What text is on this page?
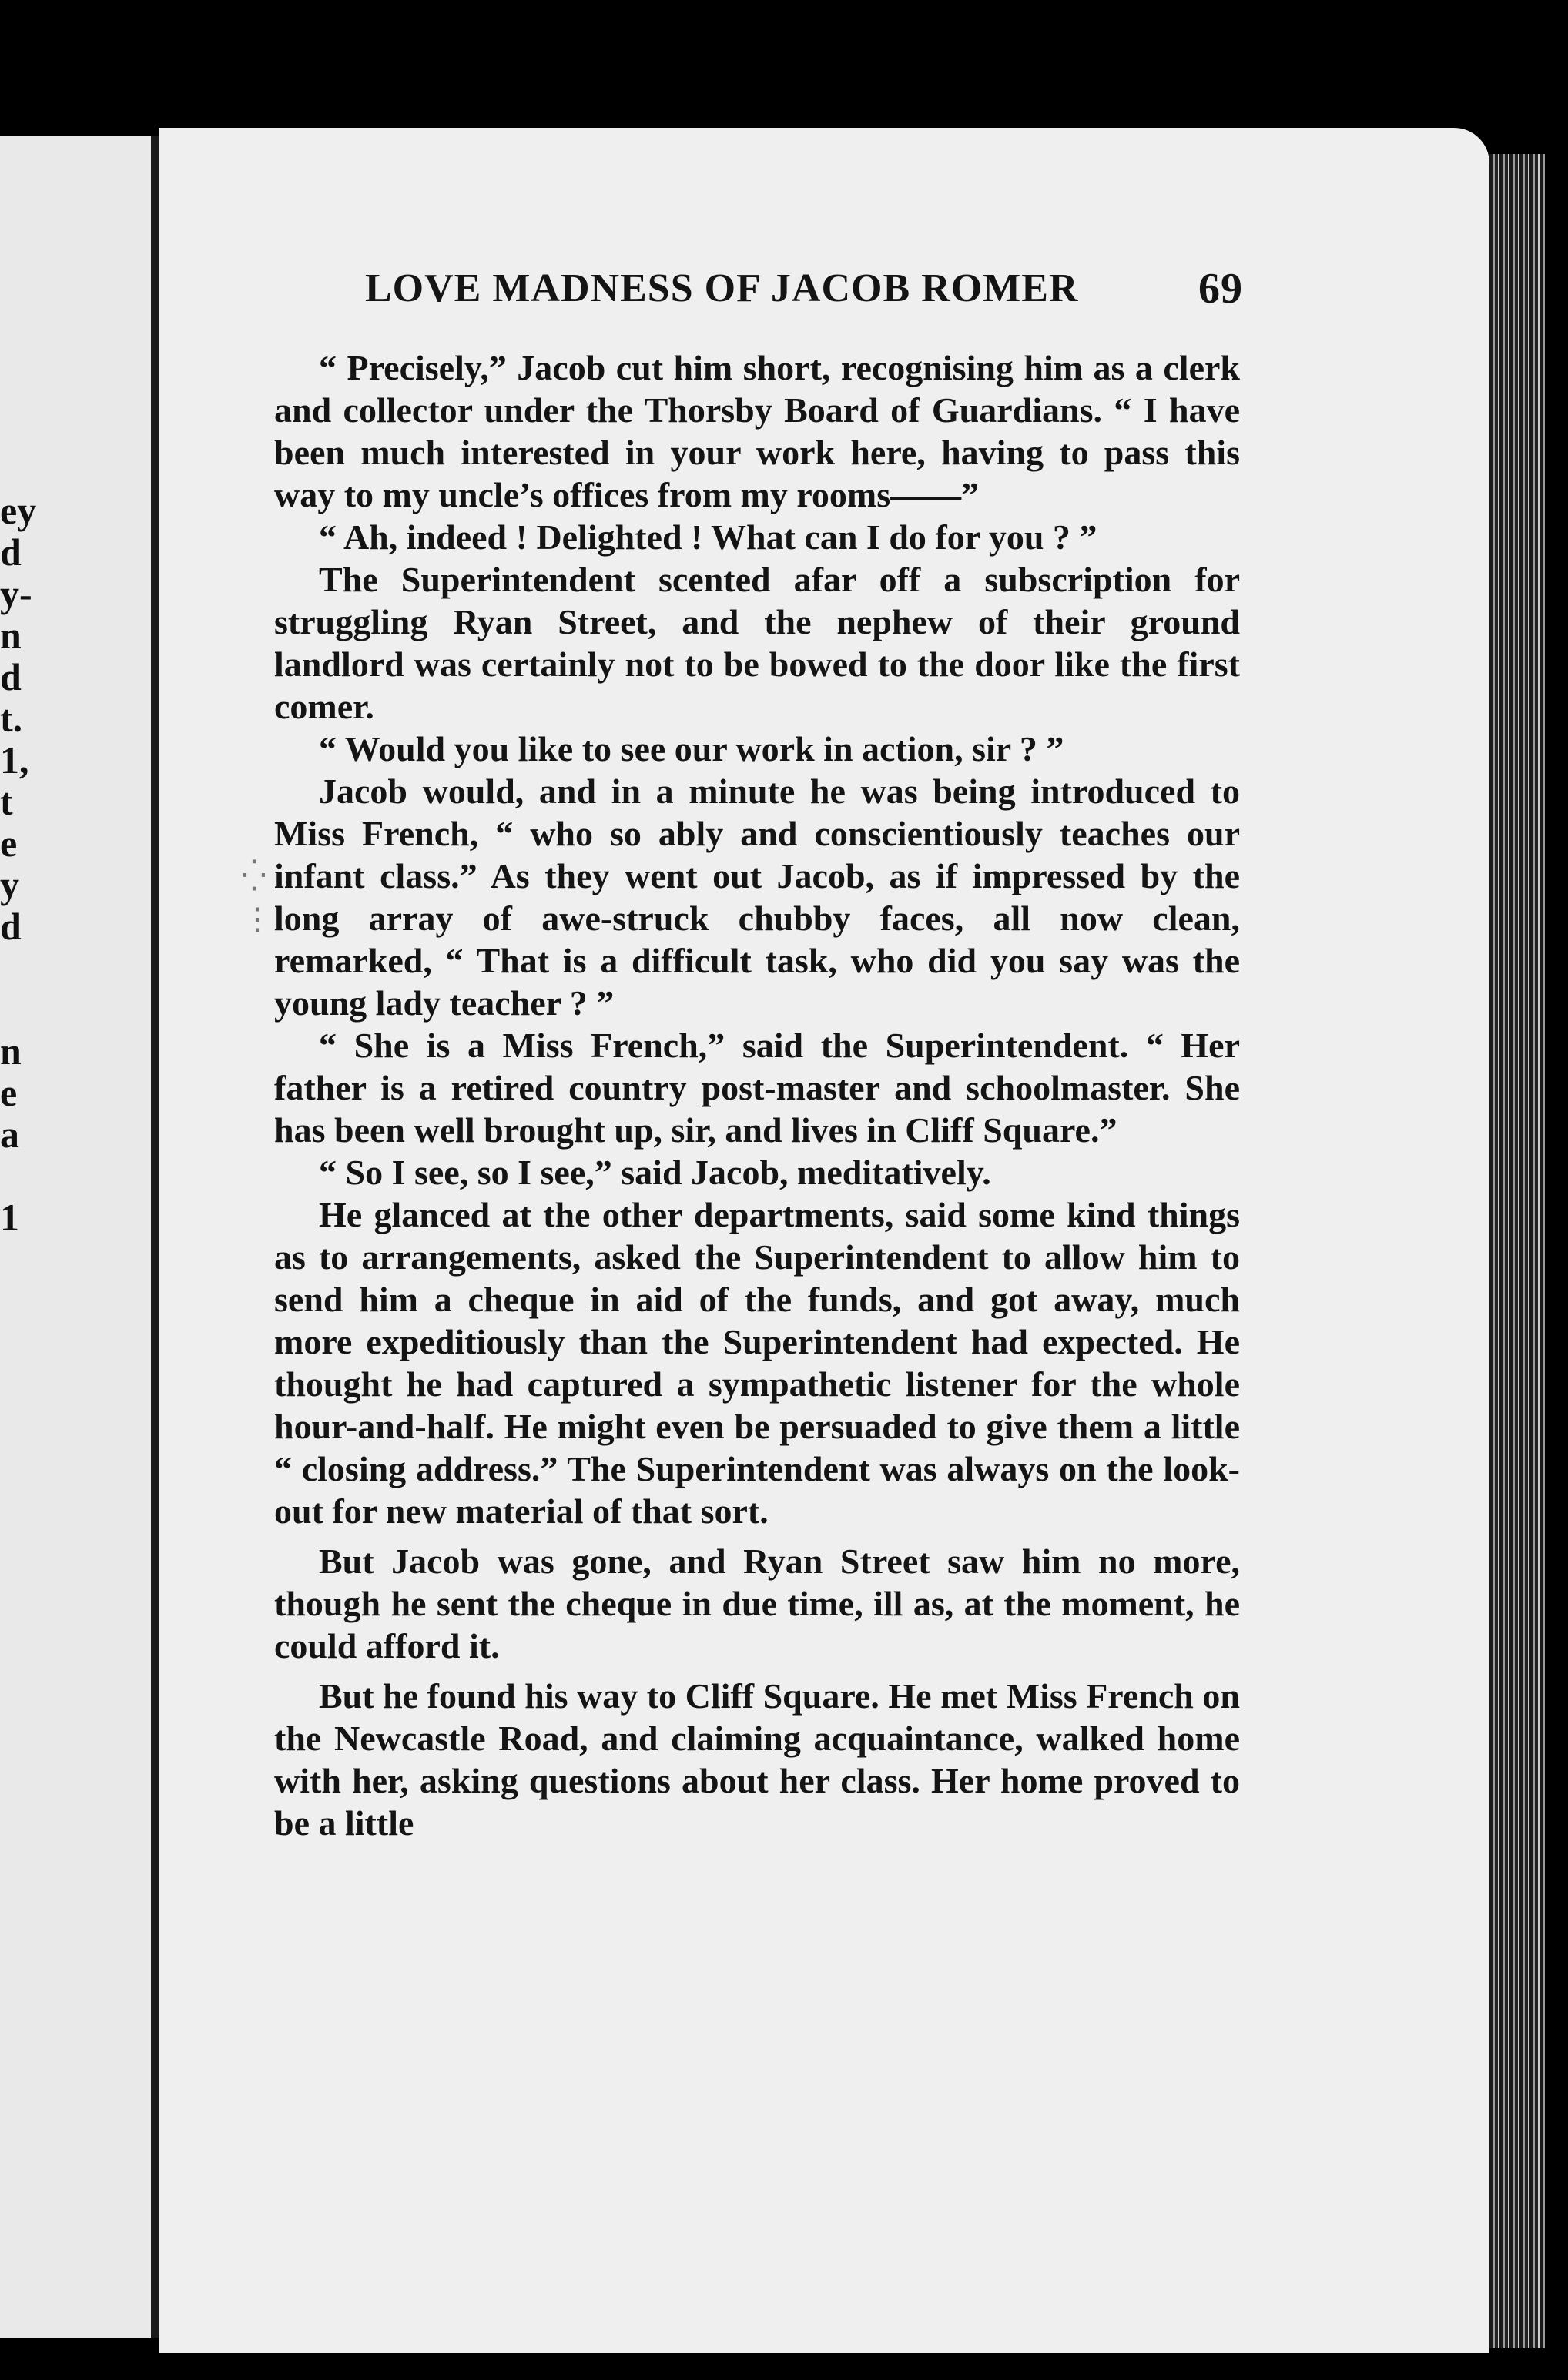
ey
d
y-
n
d
t.
1,
t
e
y
d
n
e
a
1
LOVE MADNESS OF JACOB ROMER	69
⁛
⋮

“ Precisely,” Jacob cut him short, recognising him as a clerk and collector under the Thorsby Board of Guardians. “ I have been much interested in your work here, having to pass this way to my uncle’s offices from my rooms——”

“ Ah, indeed ! Delighted ! What can I do for you ? ”

The Superintendent scented afar off a subscription for struggling Ryan Street, and the nephew of their ground landlord was certainly not to be bowed to the door like the first comer.

“ Would you like to see our work in action, sir ? ”

Jacob would, and in a minute he was being introduced to Miss French, “ who so ably and conscientiously teaches our infant class.” As they went out Jacob, as if impressed by the long array of awe-struck chubby faces, all now clean, remarked, “ That is a difficult task, who did you say was the young lady teacher ? ”

“ She is a Miss French,” said the Superintendent. “ Her father is a retired country post-master and schoolmaster. She has been well brought up, sir, and lives in Cliff Square.”

“ So I see, so I see,” said Jacob, meditatively.

He glanced at the other departments, said some kind things as to arrangements, asked the Superintendent to allow him to send him a cheque in aid of the funds, and got away, much more expeditiously than the Superintendent had expected. He thought he had captured a sympathetic listener for the whole hour-and-half. He might even be persuaded to give them a little “ closing address.” The Superintendent was always on the look-out for new material of that sort.

But Jacob was gone, and Ryan Street saw him no more, though he sent the cheque in due time, ill as, at the moment, he could afford it.

But he found his way to Cliff Square. He met Miss French on the Newcastle Road, and claiming acquaintance, walked home with her, asking questions about her class. Her home proved to be a little
